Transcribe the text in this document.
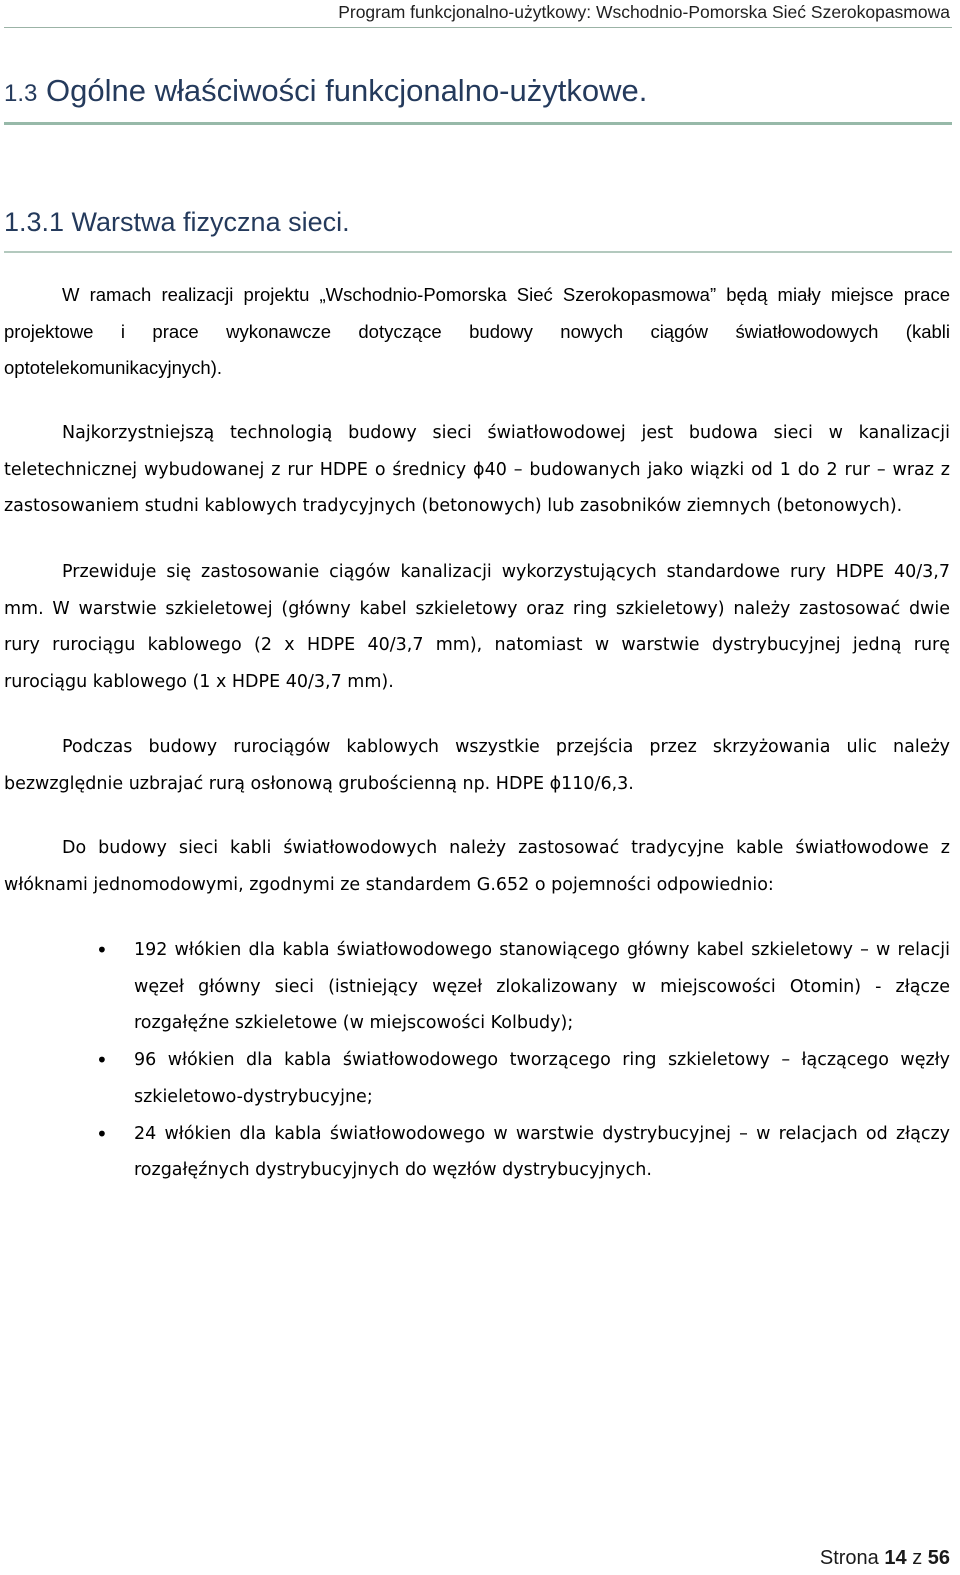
Program funkcjonalno-użytkowy: Wschodnio-Pomorska Sieć Szerokopasmowa
1.3 Ogólne właściwości funkcjonalno-użytkowe.
1.3.1 Warstwa fizyczna sieci.

W ramach realizacji projektu „Wschodnio-Pomorska Sieć Szerokopasmowa” będą miały miejsce prace projektowe i prace wykonawcze dotyczące budowy nowych ciągów światłowodowych (kabli optotelekomunikacyjnych).

Najkorzystniejszą technologią budowy sieci światłowodowej jest budowa sieci w kanalizacji teletechnicznej wybudowanej z rur HDPE o średnicy ϕ40 – budowanych jako wiązki od 1 do 2 rur – wraz z zastosowaniem studni kablowych tradycyjnych (betonowych) lub zasobników ziemnych (betonowych).

Przewiduje się zastosowanie ciągów kanalizacji wykorzystujących standardowe rury HDPE 40/3,7 mm. W warstwie szkieletowej (główny kabel szkieletowy oraz ring szkieletowy) należy zastosować dwie rury rurociągu kablowego (2 x HDPE 40/3,7 mm), natomiast w warstwie dystrybucyjnej jedną rurę rurociągu kablowego (1 x HDPE 40/3,7 mm).

Podczas budowy rurociągów kablowych wszystkie przejścia przez skrzyżowania ulic należy bezwzględnie uzbrajać rurą osłonową grubościenną np. HDPE ϕ110/6,3.

Do budowy sieci kabli światłowodowych należy zastosować tradycyjne kable światłowodowe z włóknami jednomodowymi, zgodnymi ze standardem G.652 o pojemności odpowiednio:

• 192 włókien dla kabla światłowodowego stanowiącego główny kabel szkieletowy – w relacji węzeł główny sieci (istniejący węzeł zlokalizowany w miejscowości Otomin) - złącze rozgałęźne szkieletowe (w miejscowości Kolbudy);
• 96 włókien dla kabla światłowodowego tworzącego ring szkieletowy – łączącego węzły szkieletowo-dystrybucyjne;
• 24 włókien dla kabla światłowodowego w warstwie dystrybucyjnej – w relacjach od złączy rozgałęźnych dystrybucyjnych do węzłów dystrybucyjnych.
Strona 14 z 56
